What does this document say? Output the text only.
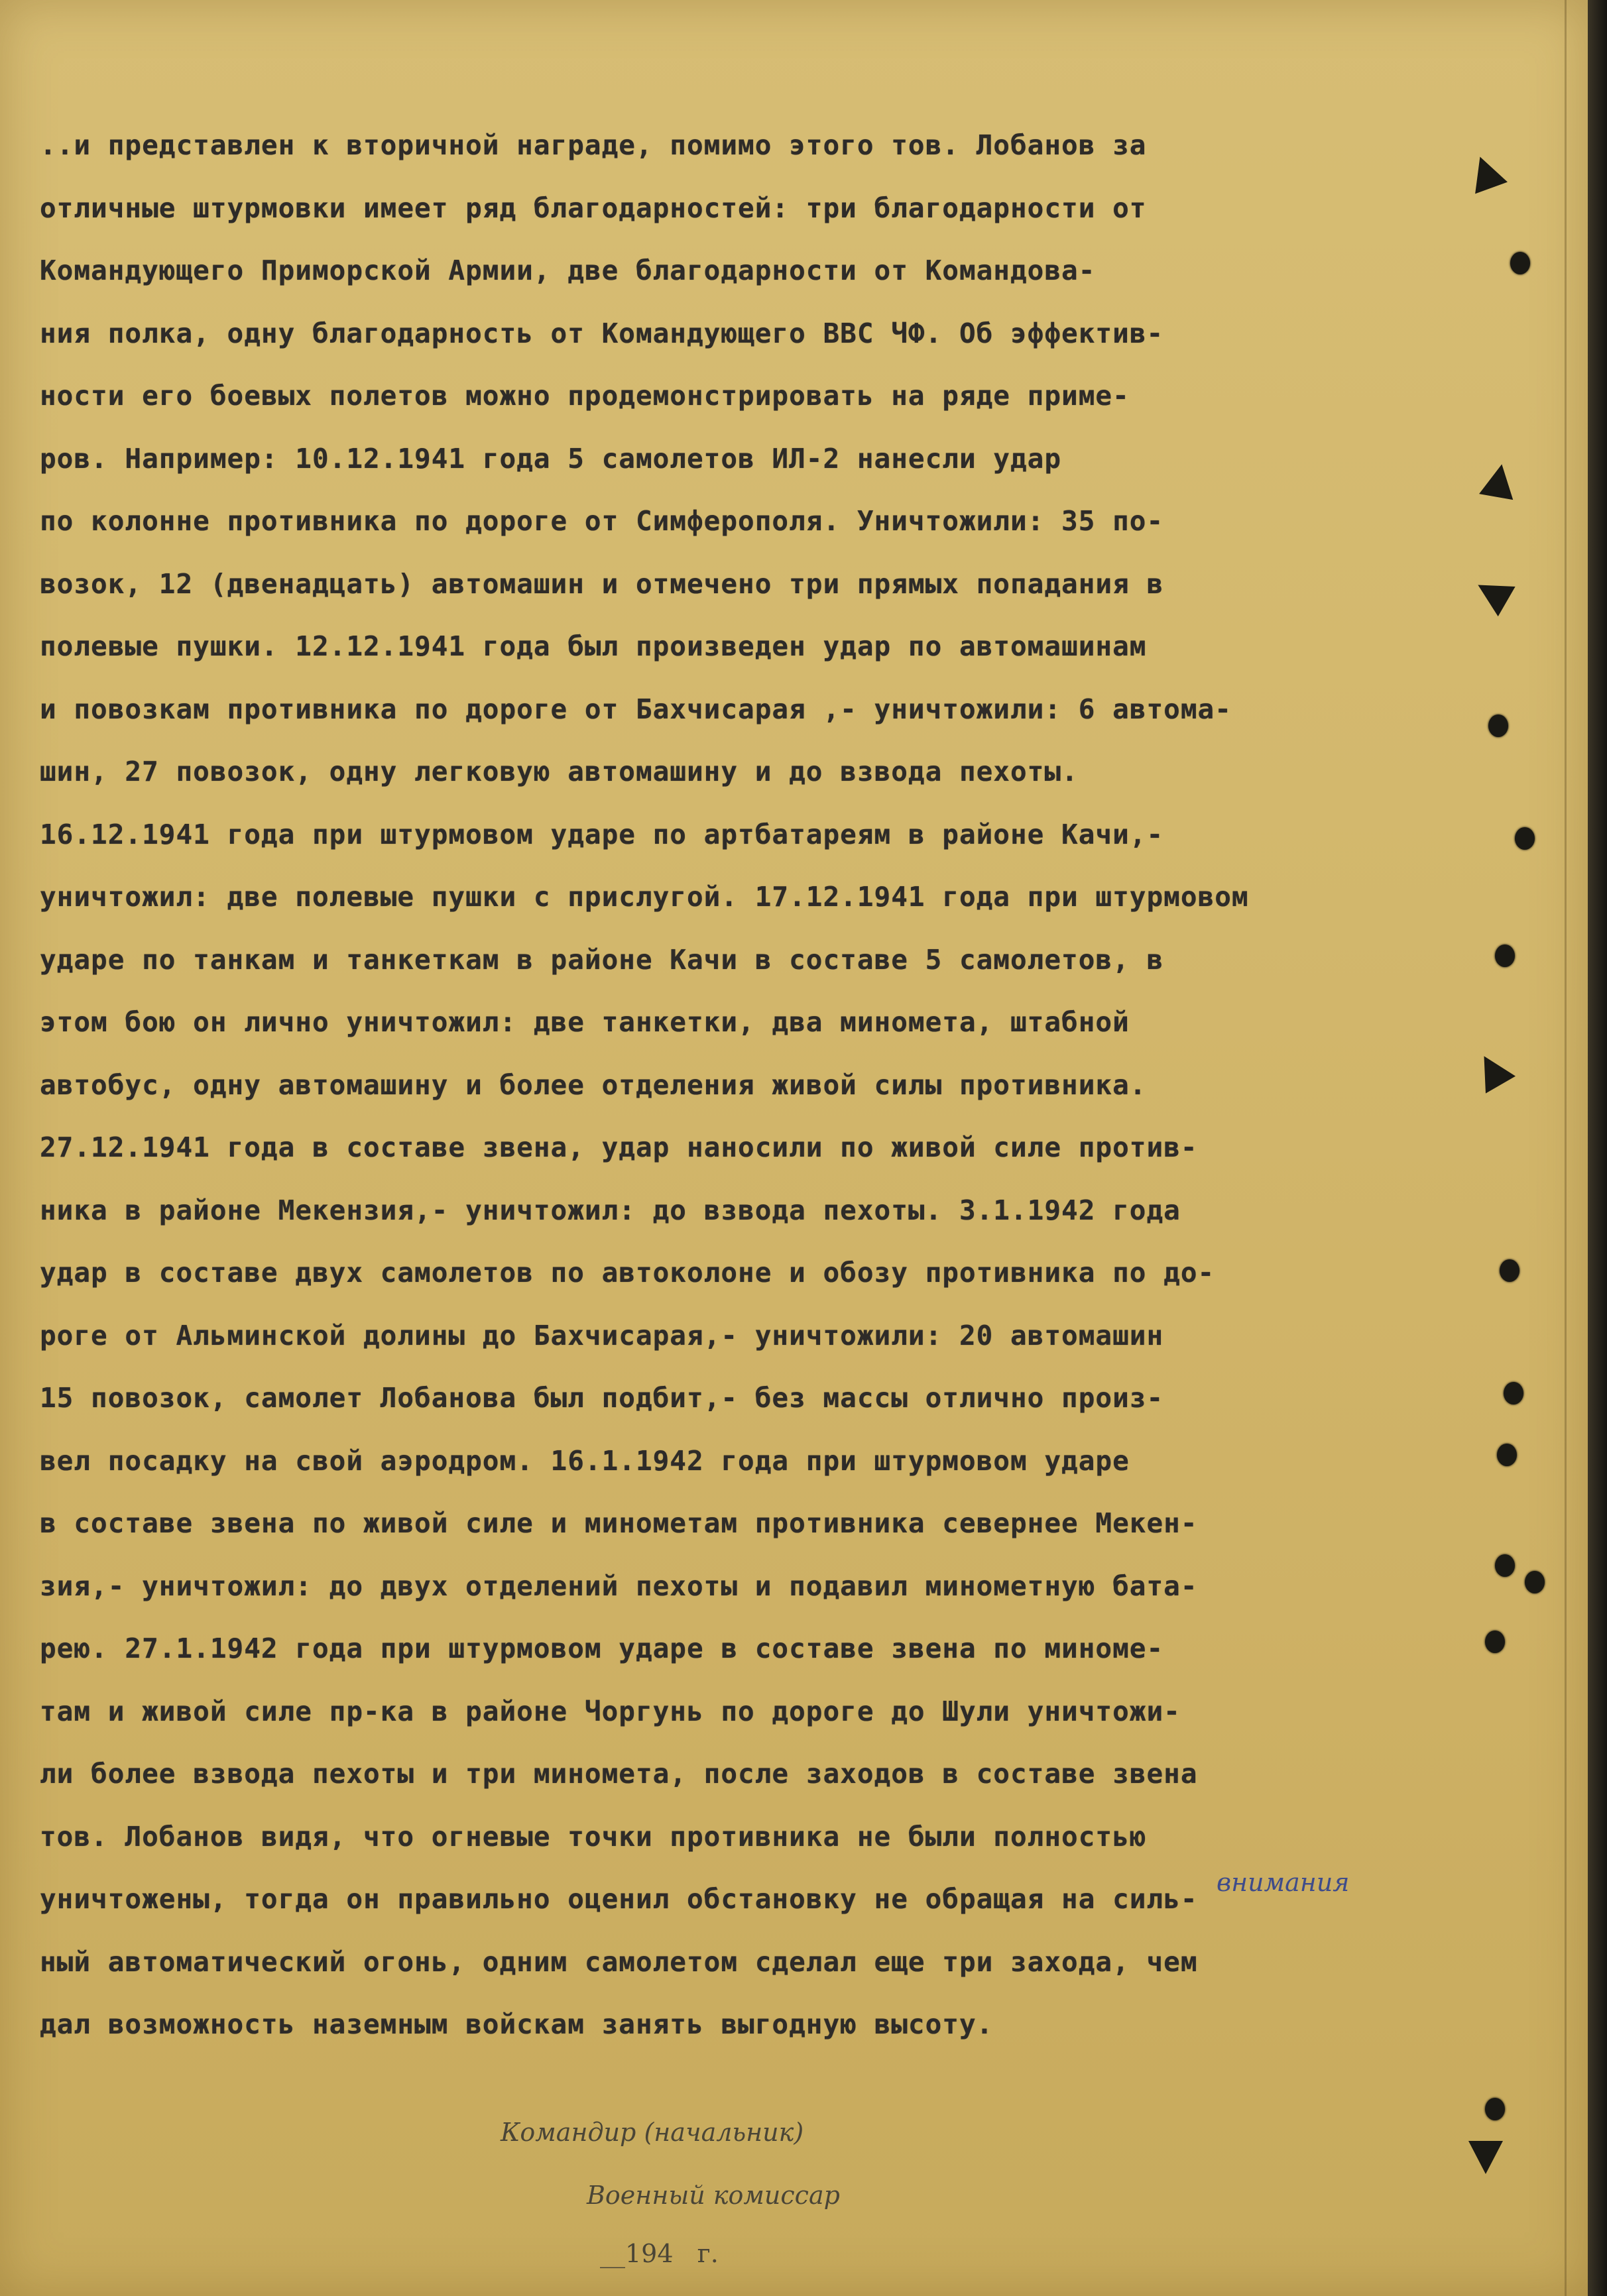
..и представлен к вторичной награде, помимо этого тов. Лобанов за
отличные штурмовки имеет ряд благодарностей: три благодарности от
Командующего Приморской Армии, две благодарности от Командова-
ния полка, одну благодарность от Командующего ВВС ЧФ. Об эффектив-
ности его боевых полетов можно продемонстрировать на ряде приме-
ров. Например: 10.12.1941 года 5 самолетов ИЛ-2 нанесли удар
по колонне противника по дороге от Симферополя. Уничтожили: 35 по-
возок, 12 (двенадцать) автомашин и отмечено три прямых попадания в
полевые пушки. 12.12.1941 года был произведен удар по автомашинам
и повозкам противника по дороге от Бахчисарая ,- уничтожили: 6 автома-
шин, 27 повозок, одну легковую автомашину и до взвода пехоты.
16.12.1941 года при штурмовом ударе по артбатареям в районе Качи,-
уничтожил: две полевые пушки с прислугой. 17.12.1941 года при штурмовом
ударе по танкам и танкеткам в районе Качи в составе 5 самолетов, в
этом бою он лично уничтожил: две танкетки, два миномета, штабной
автобус, одну автомашину и более отделения живой силы противника.
27.12.1941 года в составе звена, удар наносили по живой силе против-
ника в районе Мекензия,- уничтожил: до взвода пехоты. 3.1.1942 года
удар в составе двух самолетов по автоколоне и обозу противника по до-
роге от Альминской долины до Бахчисарая,- уничтожили: 20 автомашин
15 повозок, самолет Лобанова был подбит,- без массы отлично произ-
вел посадку на свой аэродром. 16.1.1942 года при штурмовом ударе
в составе звена по живой силе и минометам противника севернее Мекен-
зия,- уничтожил: до двух отделений пехоты и подавил минометную бата-
рею. 27.1.1942 года при штурмовом ударе в составе звена по миноме-
там и живой силе пр-ка в районе Чоргунь по дороге до Шули уничтожи-
ли более взвода пехоты и три миномета, после заходов в составе звена
тов. Лобанов видя, что огневые точки противника не были полностью
уничтожены, тогда он правильно оценил обстановку не обращая на силь-
ный автоматический огонь, одним самолетом сделал еще три захода, чем
дал возможность наземным войскам занять выгодную высоту.
внимания
Командир (начальник)
Военный комиссар
__194 г.
